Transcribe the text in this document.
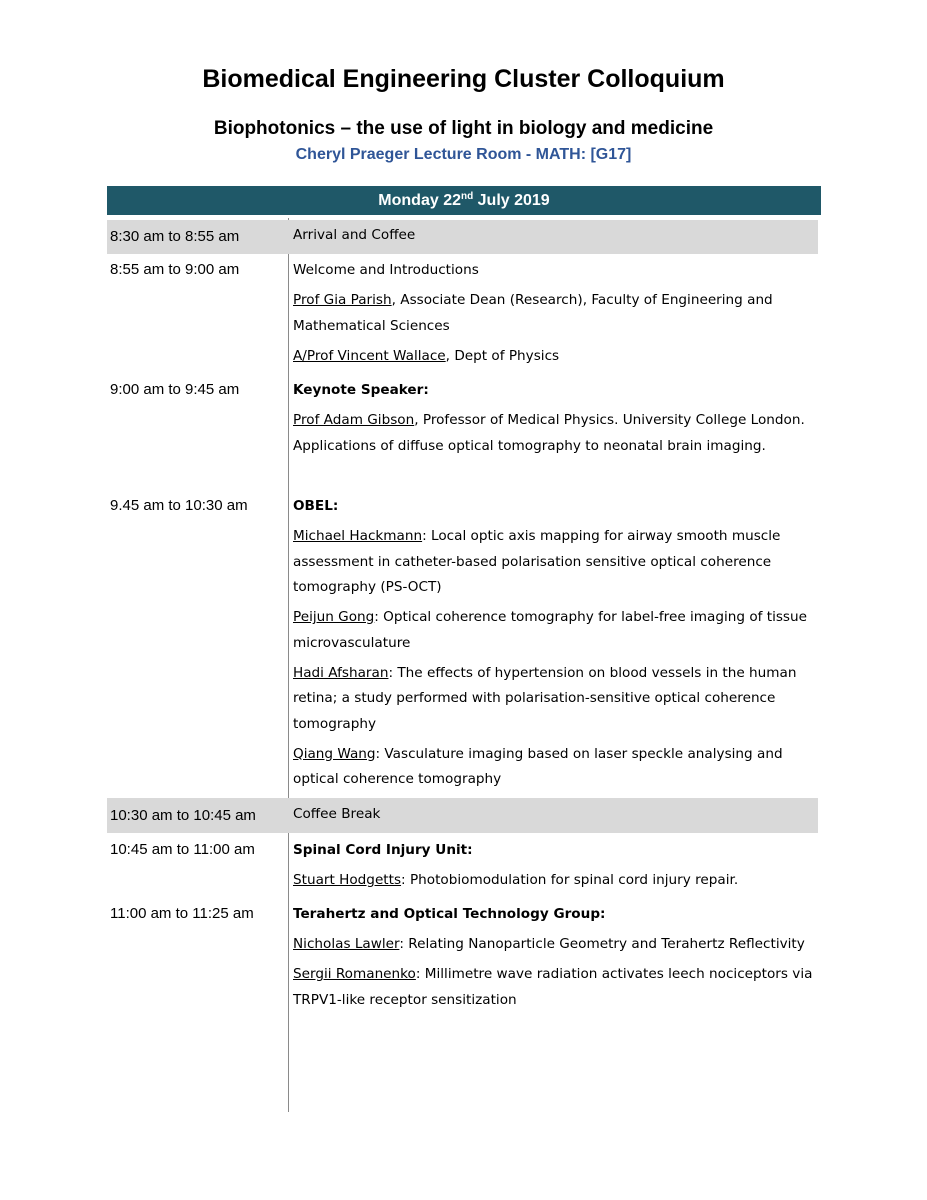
Biomedical Engineering Cluster Colloquium
Biophotonics – the use of light in biology and medicine
Cheryl Praeger Lecture Room - MATH: [G17]
Monday 22nd July 2019
8:30 am to 8:55 am	Arrival and Coffee

8:55 am to 9:00 am	Welcome and Introductions

Prof Gia Parish, Associate Dean (Research), Faculty of Engineering and Mathematical Sciences

A/Prof Vincent Wallace, Dept of Physics

9:00 am to 9:45 am	Keynote Speaker:

Prof Adam Gibson, Professor of Medical Physics. University College London. Applications of diffuse optical tomography to neonatal brain imaging.

9.45 am to 10:30 am	OBEL:

Michael Hackmann: Local optic axis mapping for airway smooth muscle assessment in catheter-based polarisation sensitive optical coherence tomography (PS-OCT)

Peijun Gong: Optical coherence tomography for label-free imaging of tissue microvasculature

Hadi Afsharan: The effects of hypertension on blood vessels in the human retina; a study performed with polarisation-sensitive optical coherence tomography

Qiang Wang: Vasculature imaging based on laser speckle analysing and optical coherence tomography

10:30 am to 10:45 am	Coffee Break

10:45 am to 11:00 am	Spinal Cord Injury Unit:

Stuart Hodgetts: Photobiomodulation for spinal cord injury repair.

11:00 am to 11:25 am	Terahertz and Optical Technology Group:

Nicholas Lawler: Relating Nanoparticle Geometry and Terahertz Reflectivity

Sergii Romanenko: Millimetre wave radiation activates leech nociceptors via TRPV1-like receptor sensitization
